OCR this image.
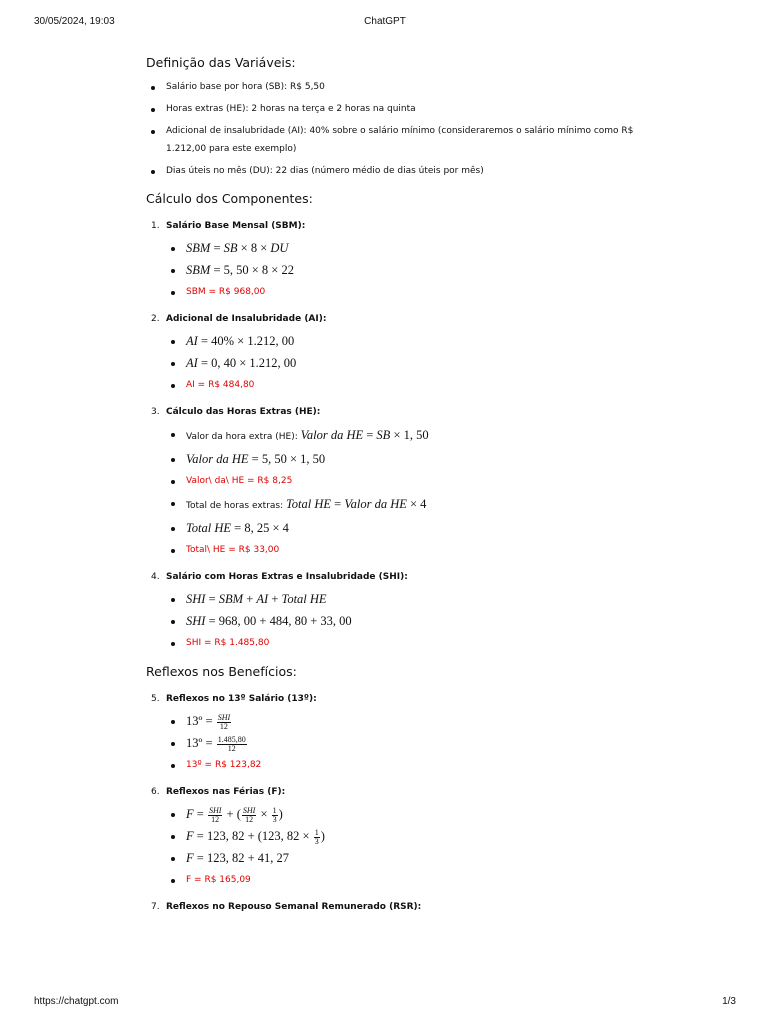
30/05/2024, 19:03	ChatGPT
Definição das Variáveis:
Salário base por hora (SB): R$ 5,50
Horas extras (HE): 2 horas na terça e 2 horas na quinta
Adicional de insalubridade (AI): 40% sobre o salário mínimo (consideraremos o salário mínimo como R$ 1.212,00 para este exemplo)
Dias úteis no mês (DU): 22 dias (número médio de dias úteis por mês)
Cálculo dos Componentes:
1. Salário Base Mensal (SBM):
SBM = SB × 8 × DU
SBM = 5, 50 × 8 × 22
SBM = R$ 968,00
2. Adicional de Insalubridade (AI):
AI = 40% × 1.212, 00
AI = 0, 40 × 1.212, 00
AI = R$ 484,80
3. Cálculo das Horas Extras (HE):
Valor da hora extra (HE): Valor da HE = SB × 1, 50
Valor da HE = 5, 50 × 1, 50
Valor\ da\ HE = R$ 8,25
Total de horas extras: Total HE = Valor da HE × 4
Total HE = 8, 25 × 4
Total\ HE = R$ 33,00
4. Salário com Horas Extras e Insalubridade (SHI):
SHI = SBM + AI + Total HE
SHI = 968, 00 + 484, 80 + 33, 00
SHI = R$ 1.485,80
Reflexos nos Benefícios:
5. Reflexos no 13º Salário (13º):
13º = $\frac{\text{SHI}}{12}$
13º = $\frac{1.485,80}{12}$
13º = R$ 123,82
6. Reflexos nas Férias (F):
$F = \frac{\text{SHI}}{12}$ + ( $\frac{\text{SHI}}{12} \times \frac{1}{3}$ )
F = 123, 82 + (123, $82 \times \frac{1}{3}$ )
F = 123, 82 + 41, 27
F = R$ 165,09
7. Reflexos no Repouso Semanal Remunerado (RSR):
https://chatgpt.com	1/3
